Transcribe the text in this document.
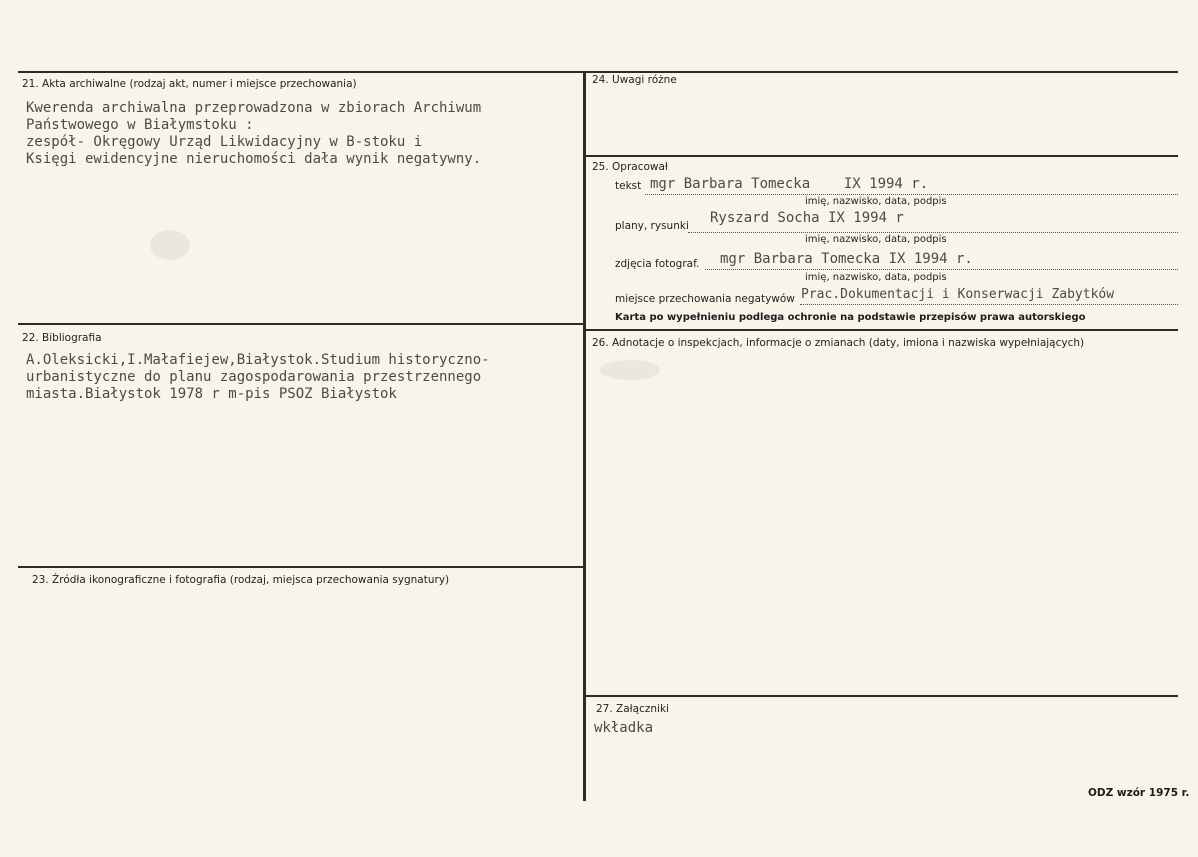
21. Akta archiwalne (rodzaj akt, numer i miejsce przechowania)
Kwerenda archiwalna przeprowadzona w zbiorach Archiwum
Państwowego w Białymstoku :
zespół- Okręgowy Urząd Likwidacyjny w B-stoku i
Księgi ewidencyjne nieruchomości dała wynik negatywny.
22. Bibliografia
A.Oleksicki,I.Małafiejew,Białystok.Studium historyczno-
urbanistyczne do planu zagospodarowania przestrzennego
miasta.Białystok 1978 r m-pis PSOZ Białystok
23. Źródła ikonograficzne i fotografia (rodzaj, miejsca przechowania sygnatury)
24. Uwagi różne
25. Opracował
tekst mgr Barbara Tomecka    IX 1994 r.
imię, nazwisko, data, podpis
plany, rysunki Ryszard Socha IX 1994 r
imię, nazwisko, data, podpis
zdjęcia fotograf. mgr Barbara Tomecka IX 1994 r.
imię, nazwisko, data, podpis
miejsce przechowania negatywów Prac.Dokumentacji i Konserwacji Zabytków
Karta po wypełnieniu podlega ochronie na podstawie przepisów prawa autorskiego
26. Adnotacje o inspekcjach, informacje o zmianach (daty, imiona i nazwiska wypełniających)
27. Załączniki
wkładka
ODZ wzór 1975 r.
